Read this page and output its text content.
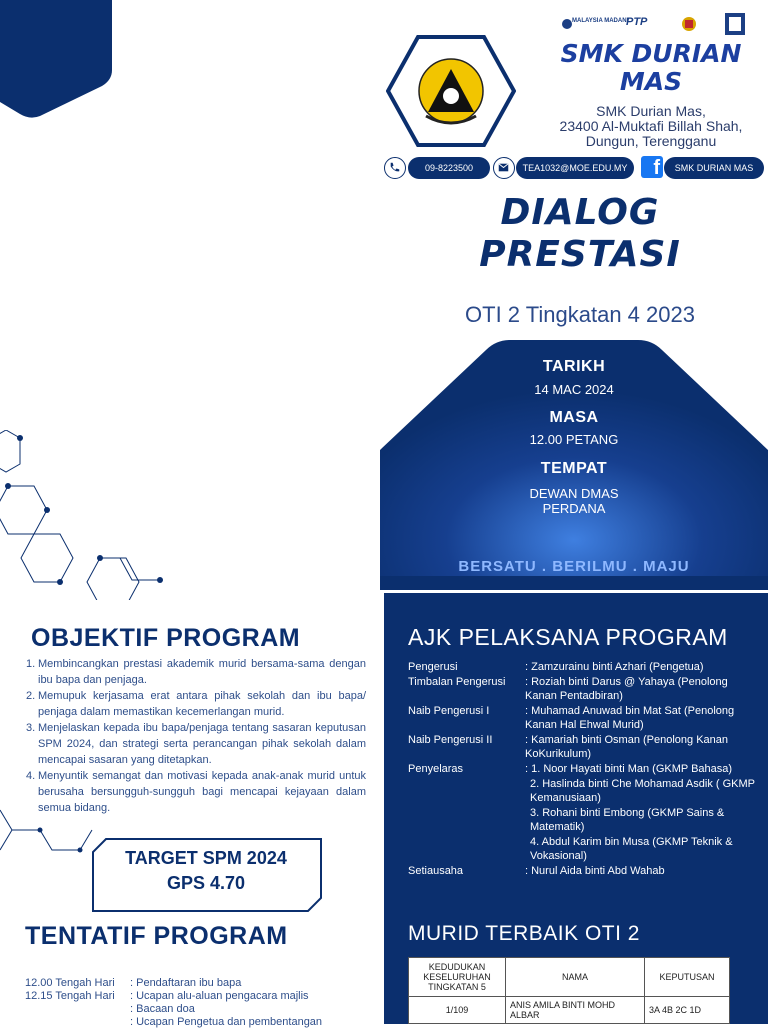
MALAYSIA MADANI
PTP
SMK DURIAN MAS
SMK Durian Mas,
23400 Al-Muktafi Billah Shah,
Dungun, Terengganu
09-8223500	TEA1032@MOE.EDU.MY	f	SMK DURIAN MAS
DIALOG
PRESTASI
OTI 2 Tingkatan 4 2023
TARIKH
14 MAC 2024
MASA
12.00 PETANG
TEMPAT
DEWAN DMAS
PERDANA
BERSATU . BERILMU . MAJU
OBJEKTIF PROGRAM
1. Membincangkan prestasi akademik murid bersama-sama dengan ibu bapa dan penjaga.
2. Memupuk kerjasama erat antara pihak sekolah dan ibu bapa/ penjaga dalam memastikan kecemerlangan murid.
3. Menjelaskan kepada ibu bapa/penjaga tentang sasaran keputusan SPM 2024, dan strategi serta perancangan pihak sekolah dalam mencapai sasaran yang ditetapkan.
4. Menyuntik semangat dan motivasi kepada anak-anak murid untuk berusaha bersungguh-sungguh bagi mencapai kejayaan dalam semua bidang.
TARGET SPM 2024
GPS 4.70
TENTATIF PROGRAM
12.00 Tengah Hari	: Pendaftaran ibu bapa
12.15 Tengah Hari	: Ucapan alu-aluan pengacara majlis
: Bacaan doa
: Ucapan Pengetua dan pembentangan
AJK PELAKSANA PROGRAM
Pengerusi	: Zamzurainu binti Azhari (Pengetua)
Timbalan Pengerusi : Roziah binti Darus @ Yahaya (Penolong Kanan Pentadbiran)
Naib Pengerusi I	: Muhamad Anuwad bin Mat Sat (Penolong Kanan Hal Ehwal Murid)
Naib Pengerusi II	: Kamariah binti Osman (Penolong Kanan KoKurikulum)
Penyelaras	: 1. Noor Hayati binti Man (GKMP Bahasa)
2. Haslinda binti Che Mohamad Asdik ( GKMP Kemanusiaan)
3. Rohani binti Embong (GKMP Sains & Matematik)
4. Abdul Karim bin Musa (GKMP Teknik & Vokasional)
Setiausaha	: Nurul Aida binti Abd Wahab
MURID TERBAIK OTI 2
KEDUDUKAN KESELURUHAN TINGKATAN 5	NAMA	KEPUTUSAN
1/109	ANIS AMILA BINTI MOHD ALBAR	3A 4B 2C 1D
